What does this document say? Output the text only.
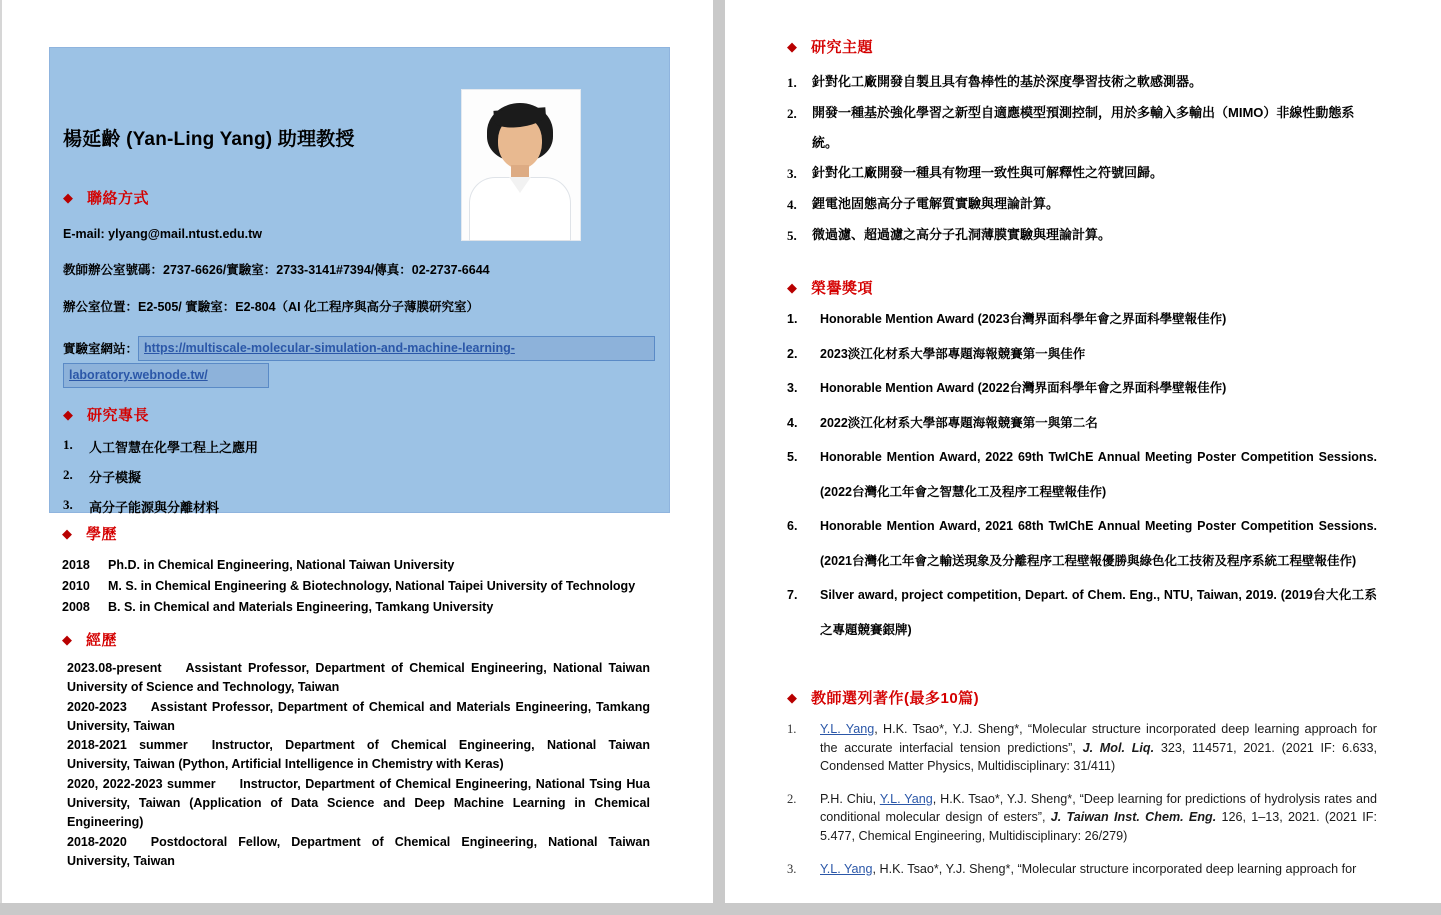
楊延齡 (Yan-Ling Yang) 助理教授
◆ 聯絡方式
E-mail: ylyang@mail.ntust.edu.tw
教師辦公室號碼：2737-6626/實驗室：2733-3141#7394/傳真：02-2737-6644
辦公室位置：E2-505/ 實驗室：E2-804（AI 化工程序與高分子薄膜研究室）
實驗室網站： https://multiscale-molecular-simulation-and-machine-learning-
laboratory.webnode.tw/
◆ 研究專長
1.	人工智慧在化學工程上之應用
2.	分子模擬
3.	高分子能源與分離材料
◆ 學歷
2018	Ph.D. in Chemical Engineering, National Taiwan University
2010	M. S. in Chemical Engineering & Biotechnology, National Taipei University of Technology
2008	B. S. in Chemical and Materials Engineering, Tamkang University
◆ 經歷

2023.08-present Assistant Professor, Department of Chemical Engineering, National Taiwan University of Science and Technology, Taiwan

2020-2023 Assistant Professor, Department of Chemical and Materials Engineering, Tamkang University, Taiwan

2018-2021 summer Instructor, Department of Chemical Engineering, National Taiwan University, Taiwan (Python, Artificial Intelligence in Chemistry with Keras)

2020, 2022-2023 summer Instructor, Department of Chemical Engineering, National Tsing Hua University, Taiwan (Application of Data Science and Deep Machine Learning in Chemical Engineering)

2018-2020 Postdoctoral Fellow, Department of Chemical Engineering, National Taiwan University, Taiwan

◆ 研究主題
1.	針對化工廠開發自製且具有魯棒性的基於深度學習技術之軟感測器。
2.	開發一種基於強化學習之新型自適應模型預測控制，用於多輸入多輸出（MIMO）非線性動態系統。
3.	針對化工廠開發一種具有物理一致性與可解釋性之符號回歸。
4.	鋰電池固態高分子電解質實驗與理論計算。
5.	微過濾、超過濾之高分子孔洞薄膜實驗與理論計算。
◆ 榮譽獎項
1.	Honorable Mention Award (2023台灣界面科學年會之界面科學壁報佳作)
2.	2023淡江化材系大學部專題海報競賽第一與佳作
3.	Honorable Mention Award (2022台灣界面科學年會之界面科學壁報佳作)
4.	2022淡江化材系大學部專題海報競賽第一與第二名
5.	Honorable Mention Award, 2022 69th TwIChE Annual Meeting Poster Competition Sessions. (2022台灣化工年會之智慧化工及程序工程壁報佳作)
6.	Honorable Mention Award, 2021 68th TwIChE Annual Meeting Poster Competition Sessions. (2021台灣化工年會之輸送現象及分離程序工程壁報優勝與綠色化工技術及程序系統工程壁報佳作)
7.	Silver award, project competition, Depart. of Chem. Eng., NTU, Taiwan, 2019. (2019台大化工系之專題競賽銀牌)
◆ 教師選列著作(最多10篇)
1.	Y.L. Yang, H.K. Tsao*, Y.J. Sheng*, “Molecular structure incorporated deep learning approach for the accurate interfacial tension predictions”, J. Mol. Liq. 323, 114571, 2021. (2021 IF: 6.633, Condensed Matter Physics, Multidisciplinary: 31/411)
2.	P.H. Chiu, Y.L. Yang, H.K. Tsao*, Y.J. Sheng*, “Deep learning for predictions of hydrolysis rates and conditional molecular design of esters”, J. Taiwan Inst. Chem. Eng. 126, 1–13, 2021. (2021 IF: 5.477, Chemical Engineering, Multidisciplinary: 26/279)
3.	Y.L. Yang, H.K. Tsao*, Y.J. Sheng*, “Molecular structure incorporated deep learning approach for
